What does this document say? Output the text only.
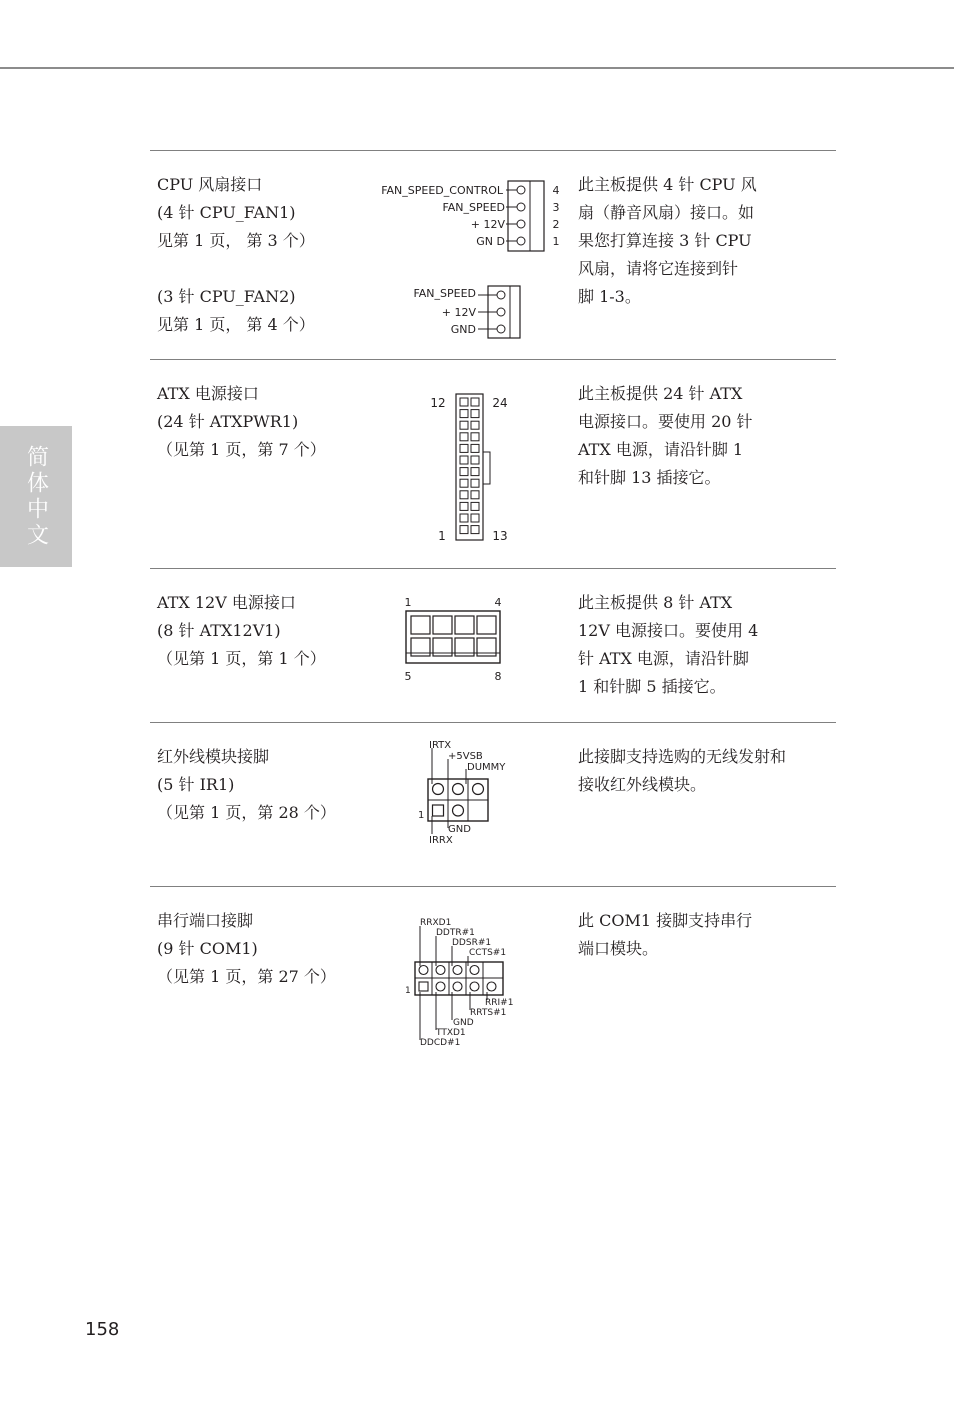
简体中文
CPU 风扇接口
(4 针 CPU_FAN1)
见第 1 页， 第 3 个）
(3 针 CPU_FAN2)
见第 1 页， 第 4 个）
FAN_SPEED_CONTROL
FAN_SPEED
+ 12V
GN D
4
3
2
1
FAN_SPEED
+ 12V
GND
此主板提供 4 针 CPU 风
扇（静音风扇）接口。如
果您打算连接 3 针 CPU
风扇，请将它连接到针
脚 1-3。
ATX 电源接口
(24 针 ATXPWR1)
（见第 1 页，第 7 个）
12	24
1	13
此主板提供 24 针 ATX
电源接口。要使用 20 针
ATX 电源，请沿针脚 1
和针脚 13 插接它。
ATX 12V 电源接口
(8 针 ATX12V1)
（见第 1 页，第 1 个）
1	4
5	8
此主板提供 8 针 ATX
12V 电源接口。要使用 4
针 ATX 电源，请沿针脚
1 和针脚 5 插接它。
红外线模块接脚
(5 针 IR1)
（见第 1 页，第 28 个）
IRTX
+5VSB
DUMMY
GND
IRRX
1
此接脚支持选购的无线发射和
接收红外线模块。
串行端口接脚
(9 针 COM1)
（见第 1 页，第 27 个）
RRXD1
DDTR#1
DDSR#1
CCTS#1
RRI#1
RRTS#1
GND
TTXD1
DDCD#1
1
此 COM1 接脚支持串行
端口模块。
158
